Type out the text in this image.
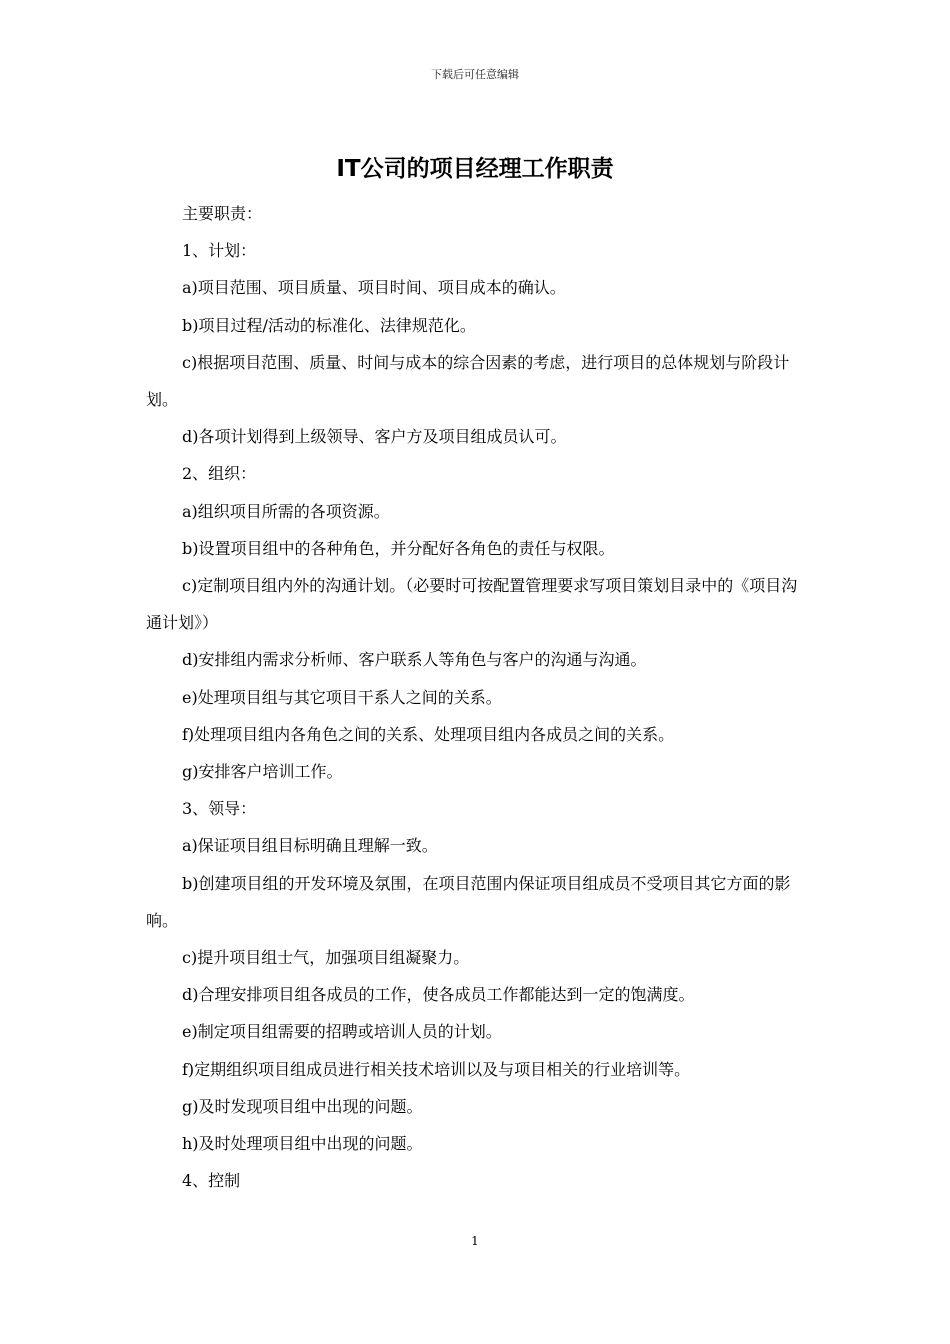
下载后可任意编辑
IT公司的项目经理工作职责

主要职责：

1、计划：

a)项目范围、项目质量、项目时间、项目成本的确认。

b)项目过程/活动的标准化、法律规范化。

c)根据项目范围、质量、时间与成本的综合因素的考虑，进行项目的总体规划与阶段计划。

d)各项计划得到上级领导、客户方及项目组成员认可。

2、组织：

a)组织项目所需的各项资源。

b)设置项目组中的各种角色，并分配好各角色的责任与权限。

c)定制项目组内外的沟通计划。（必要时可按配置管理要求写项目策划目录中的《项目沟通计划》）

d)安排组内需求分析师、客户联系人等角色与客户的沟通与沟通。

e)处理项目组与其它项目干系人之间的关系。

f)处理项目组内各角色之间的关系、处理项目组内各成员之间的关系。

g)安排客户培训工作。

3、领导：

a)保证项目组目标明确且理解一致。

b)创建项目组的开发环境及氛围，在项目范围内保证项目组成员不受项目其它方面的影响。

c)提升项目组士气，加强项目组凝聚力。

d)合理安排项目组各成员的工作，使各成员工作都能达到一定的饱满度。

e)制定项目组需要的招聘或培训人员的计划。

f)定期组织项目组成员进行相关技术培训以及与项目相关的行业培训等。

g)及时发现项目组中出现的问题。

h)及时处理项目组中出现的问题。

4、控制

1
